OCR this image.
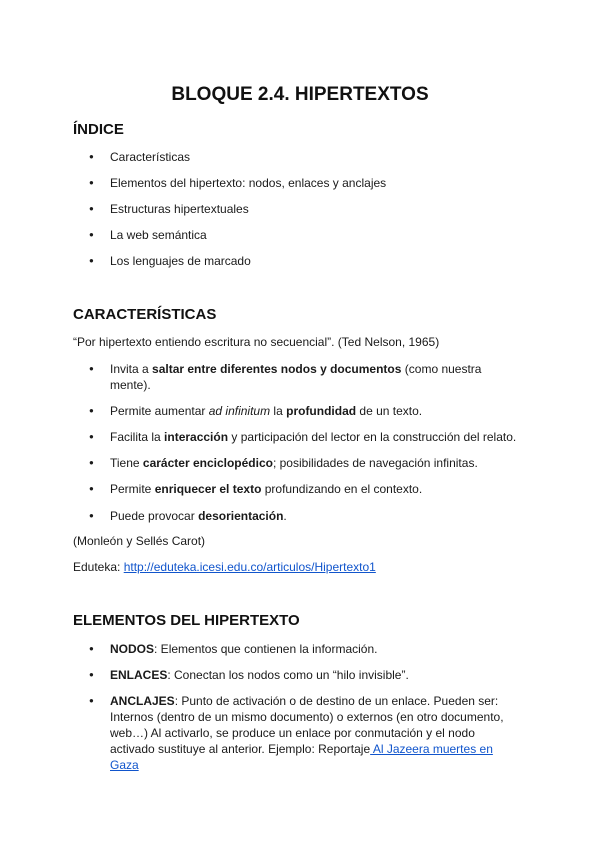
BLOQUE 2.4. HIPERTEXTOS
ÍNDICE

● Características

● Elementos del hipertexto: nodos, enlaces y anclajes

● Estructuras hipertextuales

● La web semántica

● Los lenguajes de marcado

CARACTERÍSTICAS

“Por hipertexto entiendo escritura no secuencial”. (Ted Nelson, 1965)

● Invita a saltar entre diferentes nodos y documentos (como nuestra mente).

● Permite aumentar ad infinitum la profundidad de un texto.

● Facilita la interacción y participación del lector en la construcción del relato.

● Tiene carácter enciclopédico; posibilidades de navegación infinitas.

● Permite enriquecer el texto profundizando en el contexto.

● Puede provocar desorientación.

(Monleón y Sellés Carot)

Eduteka: http://eduteka.icesi.edu.co/articulos/Hipertexto1

ELEMENTOS DEL HIPERTEXTO

● NODOS: Elementos que contienen la información.

● ENLACES: Conectan los nodos como un “hilo invisible”.

● ANCLAJES: Punto de activación o de destino de un enlace. Pueden ser: Internos (dentro de un mismo documento) o externos (en otro documento, web…) Al activarlo, se produce un enlace por conmutación y el nodo activado sustituye al anterior. Ejemplo: Reportaje Al Jazeera muertes en Gaza
